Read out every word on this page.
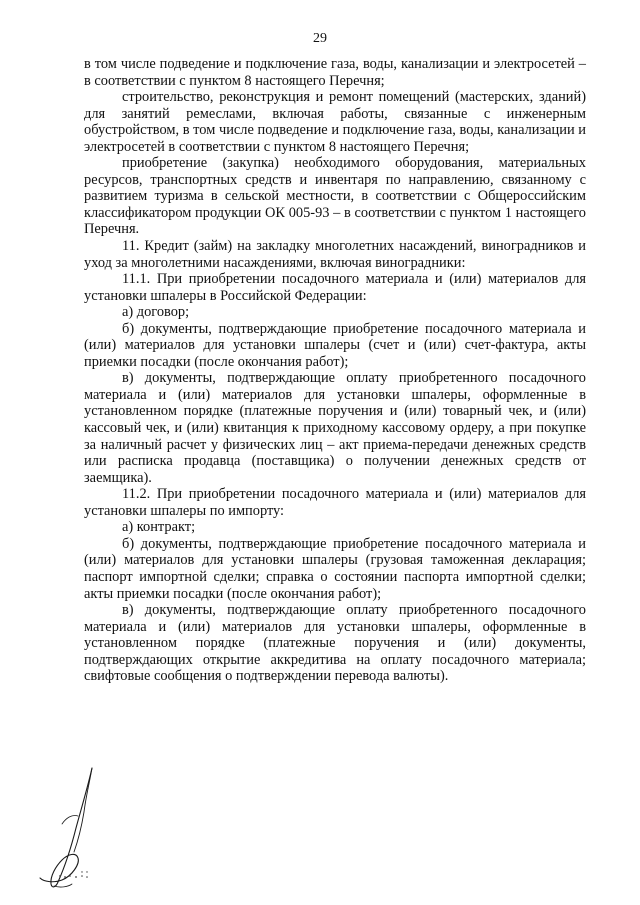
29

в том числе подведение и подключение газа, воды, канализации и электросетей – в соответствии с пунктом 8 настоящего Перечня;

строительство, реконструкция и ремонт помещений (мастерских, зданий) для занятий ремеслами, включая работы, связанные с инженерным обустройством, в том числе подведение и подключение газа, воды, канализации и электросетей в соответствии с пунктом 8 настоящего Перечня;

приобретение (закупка) необходимого оборудования, материальных ресурсов, транспортных средств и инвентаря по направлению, связанному с развитием туризма в сельской местности, в соответствии с Общероссийским классификатором продукции ОК 005-93 – в соответствии с пунктом 1 настоящего Перечня.

11. Кредит (займ) на закладку многолетних насаждений, виноградников и уход за многолетними насаждениями, включая виноградники:

11.1. При приобретении посадочного материала и (или) материалов для установки шпалеры в Российской Федерации:

а) договор;

б) документы, подтверждающие приобретение посадочного материала и (или) материалов для установки шпалеры (счет и (или) счет-фактура, акты приемки посадки (после окончания работ);

в) документы, подтверждающие оплату приобретенного посадочного материала и (или) материалов для установки шпалеры, оформленные в установленном порядке (платежные поручения и (или) товарный чек, и (или) кассовый чек, и (или) квитанция к приходному кассовому ордеру, а при покупке за наличный расчет у физических лиц – акт приема-передачи денежных средств или расписка продавца (поставщика) о получении денежных средств от заемщика).

11.2. При приобретении посадочного материала и (или) материалов для установки шпалеры по импорту:

а) контракт;

б) документы, подтверждающие приобретение посадочного материала и (или) материалов для установки шпалеры (грузовая таможенная декларация; паспорт импортной сделки; справка о состоянии паспорта импортной сделки; акты приемки посадки (после окончания работ);

в) документы, подтверждающие оплату приобретенного посадочного материала и (или) материалов для установки шпалеры, оформленные в установленном порядке (платежные поручения и (или) документы, подтверждающих открытие аккредитива на оплату посадочного материала; свифтовые сообщения о подтверждении перевода валюты).
